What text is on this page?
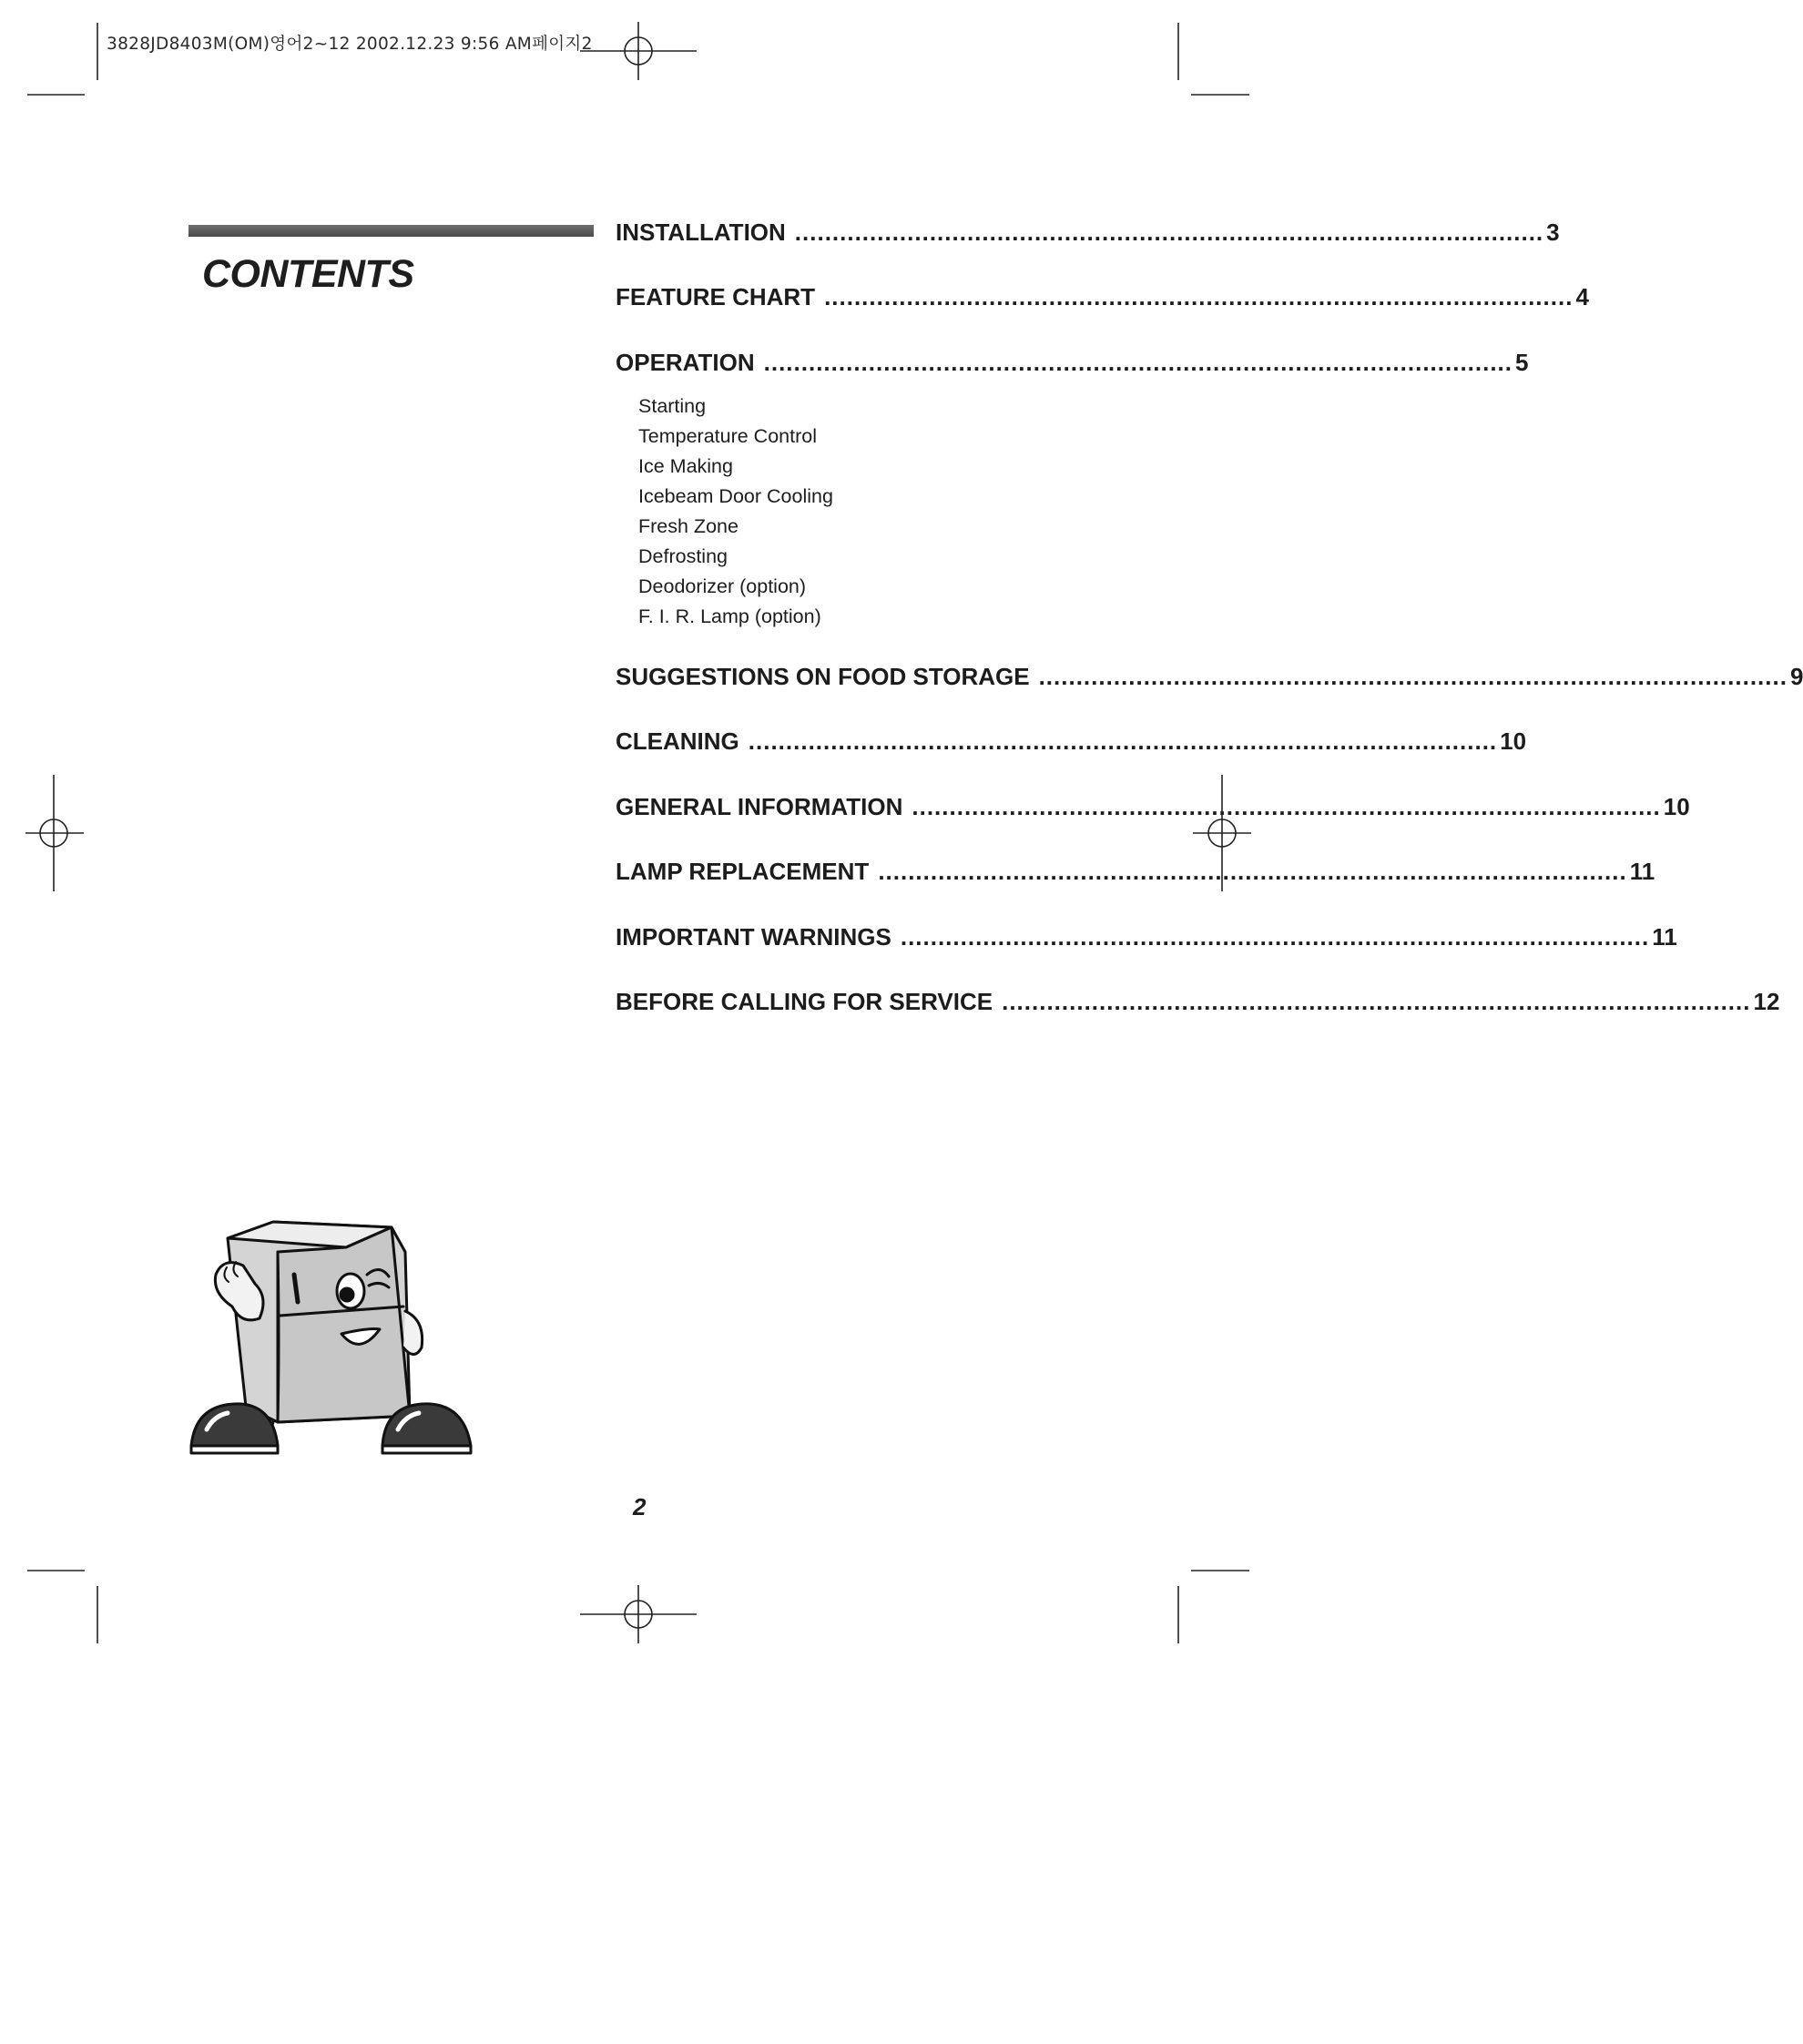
3828JD8403M(OM)영어2~12 2002.12.23 9:56 AM페이지2
CONTENTS
INSTALLATION .................................................................................................... 3
FEATURE CHART .................................................................................................... 4
OPERATION .................................................................................................... 5
Starting
Temperature Control
Ice Making
Icebeam Door Cooling
Fresh Zone
Defrosting
Deodorizer (option)
F. I. R. Lamp (option)
SUGGESTIONS ON FOOD STORAGE .................................................................................................... 9
CLEANING .................................................................................................... 10
GENERAL INFORMATION .................................................................................................... 10
LAMP REPLACEMENT .................................................................................................... 11
IMPORTANT WARNINGS .................................................................................................... 11
BEFORE CALLING FOR SERVICE .................................................................................................... 12
2
